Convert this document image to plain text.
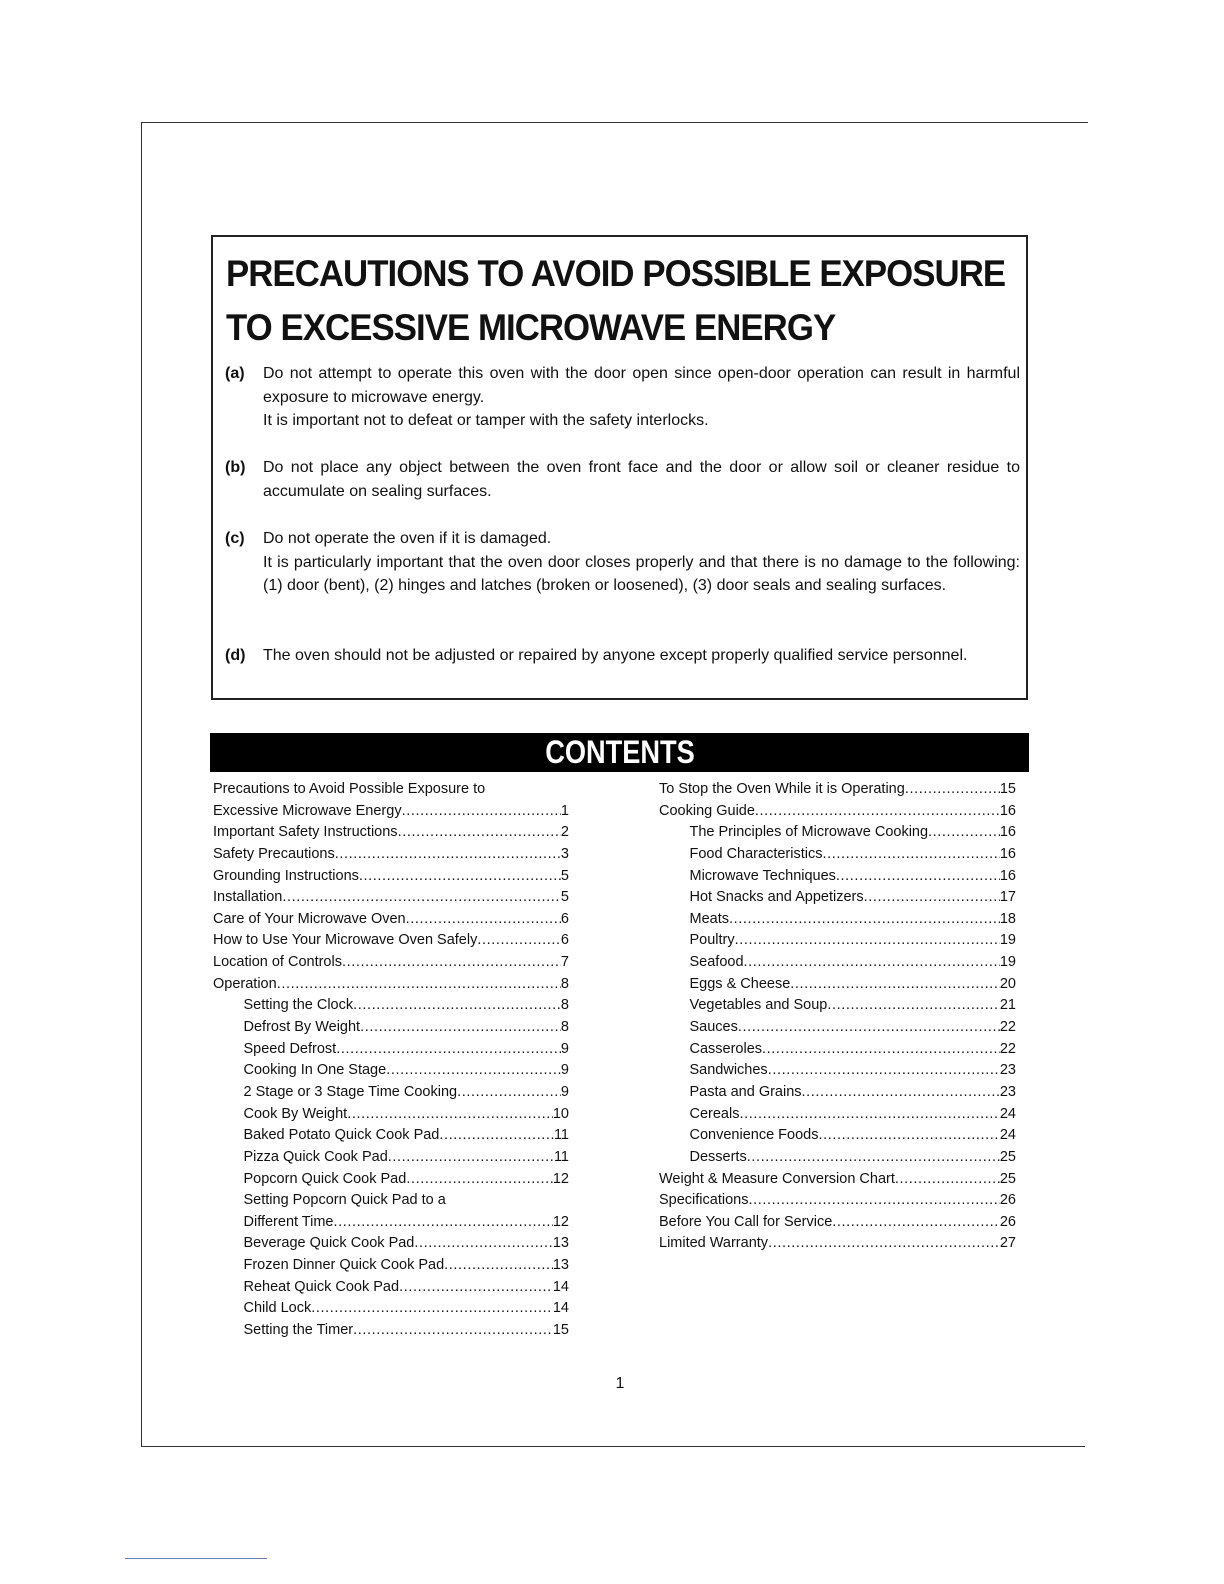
PRECAUTIONS TO AVOID POSSIBLE EXPOSURE
TO EXCESSIVE MICROWAVE ENERGY
(a) Do not attempt to operate this oven with the door open since open-door operation can result in harmful exposure to microwave energy.

It is important not to defeat or tamper with the safety interlocks.

(b) Do not place any object between the oven front face and the door or allow soil or cleaner residue to accumulate on sealing surfaces.

(c) Do not operate the oven if it is damaged.

It is particularly important that the oven door closes properly and that there is no damage to the following: (1) door (bent), (2) hinges and latches (broken or loosened), (3) door seals and sealing surfaces.

(d) The oven should not be adjusted or repaired by anyone except properly qualified service personnel.

CONTENTS
Precautions to Avoid Possible Exposure to
Excessive Microwave Energy .....	1
Important Safety Instructions .....	2
Safety Precautions .....	3
Grounding Instructions .....	5
Installation .....	5
Care of Your Microwave Oven .....	6
How to Use Your Microwave Oven Safely .....	6
Location of Controls .....	7
Operation .....	8
Setting the Clock .....	8
Defrost By Weight .....	8
Speed Defrost .....	9
Cooking In One Stage .....	9
2 Stage or 3 Stage Time Cooking .....	9
Cook By Weight .....	10
Baked Potato Quick Cook Pad .....	11
Pizza Quick Cook Pad .....	11
Popcorn Quick Cook Pad .....	12
Setting Popcorn Quick Pad to a
Different Time .....	12
Beverage Quick Cook Pad .....	13
Frozen Dinner Quick Cook Pad .....	13
Reheat Quick Cook Pad .....	14
Child Lock .....	14
Setting the Timer .....	15
To Stop the Oven While it is Operating .....	15
Cooking Guide .....	16
The Principles of Microwave Cooking .....	16
Food Characteristics .....	16
Microwave Techniques .....	16
Hot Snacks and Appetizers .....	17
Meats .....	18
Poultry .....	19
Seafood .....	19
Eggs & Cheese .....	20
Vegetables and Soup .....	21
Sauces .....	22
Casseroles .....	22
Sandwiches .....	23
Pasta and Grains .....	23
Cereals .....	24
Convenience Foods .....	24
Desserts .....	25
Weight & Measure Conversion Chart .....	25
Specifications .....	26
Before You Call for Service .....	26
Limited Warranty .....	27
1
